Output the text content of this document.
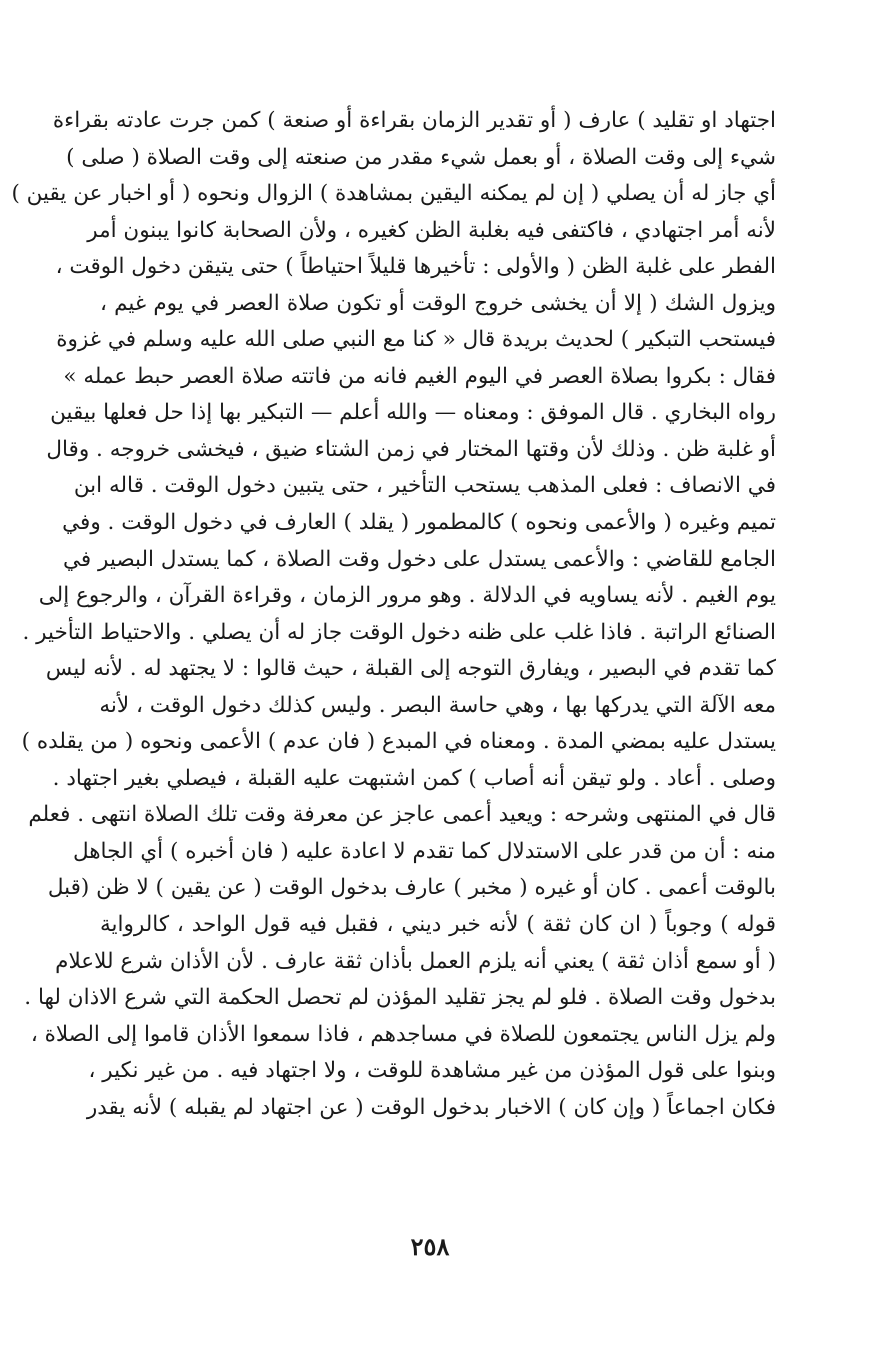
اجتهاد او تقليد ) عارف ( أو تقدير الزمان بقراءة أو صنعة ) كمن جرت عادته بقراءة
شيء إلى وقت الصلاة ، أو بعمل شيء مقدر من صنعته إلى وقت الصلاة ( صلى )
أي جاز له أن يصلي ( إن لم يمكنه اليقين بمشاهدة ) الزوال ونحوه ( أو اخبار عن يقين )
لأنه أمر اجتهادي ، فاكتفى فيه بغلبة الظن كغيره ، ولأن الصحابة كانوا يبنون أمر
الفطر على غلبة الظن ( والأولى : تأخيرها قليلاً احتياطاً ) حتى يتيقن دخول الوقت ،
ويزول الشك ( إلا أن يخشى خروج الوقت أو تكون صلاة العصر في يوم غيم ،
فيستحب التبكير ) لحديث بريدة قال « كنا مع النبي صلى الله عليه وسلم في غزوة
فقال : بكروا بصلاة العصر في اليوم الغيم فانه من فاتته صلاة العصر حبط عمله »
رواه البخاري . قال الموفق : ومعناه — والله أعلم — التبكير بها إذا حل فعلها بيقين
أو غلبة ظن . وذلك لأن وقتها المختار في زمن الشتاء ضيق ، فيخشى خروجه . وقال
في الانصاف : فعلى المذهب يستحب التأخير ، حتى يتبين دخول الوقت . قاله ابن
تميم وغيره ( والأعمى ونحوه ) كالمطمور ( يقلد ) العارف في دخول الوقت . وفي
الجامع للقاضي : والأعمى يستدل على دخول وقت الصلاة ، كما يستدل البصير في
يوم الغيم . لأنه يساويه في الدلالة . وهو مرور الزمان ، وقراءة القرآن ، والرجوع إلى
الصنائع الراتبة . فاذا غلب على ظنه دخول الوقت جاز له أن يصلي . والاحتياط التأخير .
كما تقدم في البصير ، ويفارق التوجه إلى القبلة ، حيث قالوا : لا يجتهد له . لأنه ليس
معه الآلة التي يدركها بها ، وهي حاسة البصر . وليس كذلك دخول الوقت ، لأنه
يستدل عليه بمضي المدة . ومعناه في المبدع ( فان عدم ) الأعمى ونحوه ( من يقلده )
وصلى . أعاد . ولو تيقن أنه أصاب ) كمن اشتبهت عليه القبلة ، فيصلي بغير اجتهاد .
قال في المنتهى وشرحه : ويعيد أعمى عاجز عن معرفة وقت تلك الصلاة انتهى . فعلم
منه : أن من قدر على الاستدلال كما تقدم لا اعادة عليه ( فان أخبره ) أي الجاهل
بالوقت أعمى . كان أو غيره ( مخبر ) عارف بدخول الوقت ( عن يقين ) لا ظن (قبل
قوله ) وجوباً ( ان كان ثقة ) لأنه خبر ديني ، فقبل فيه قول الواحد ، كالرواية
( أو سمع أذان ثقة ) يعني أنه يلزم العمل بأذان ثقة عارف . لأن الأذان شرع للاعلام
بدخول وقت الصلاة . فلو لم يجز تقليد المؤذن لم تحصل الحكمة التي شرع الاذان لها .
ولم يزل الناس يجتمعون للصلاة في مساجدهم ، فاذا سمعوا الأذان قاموا إلى الصلاة ،
وبنوا على قول المؤذن من غير مشاهدة للوقت ، ولا اجتهاد فيه . من غير نكير ،
فكان اجماعاً ( وإن كان ) الاخبار بدخول الوقت ( عن اجتهاد لم يقبله ) لأنه يقدر
٢٥٨
